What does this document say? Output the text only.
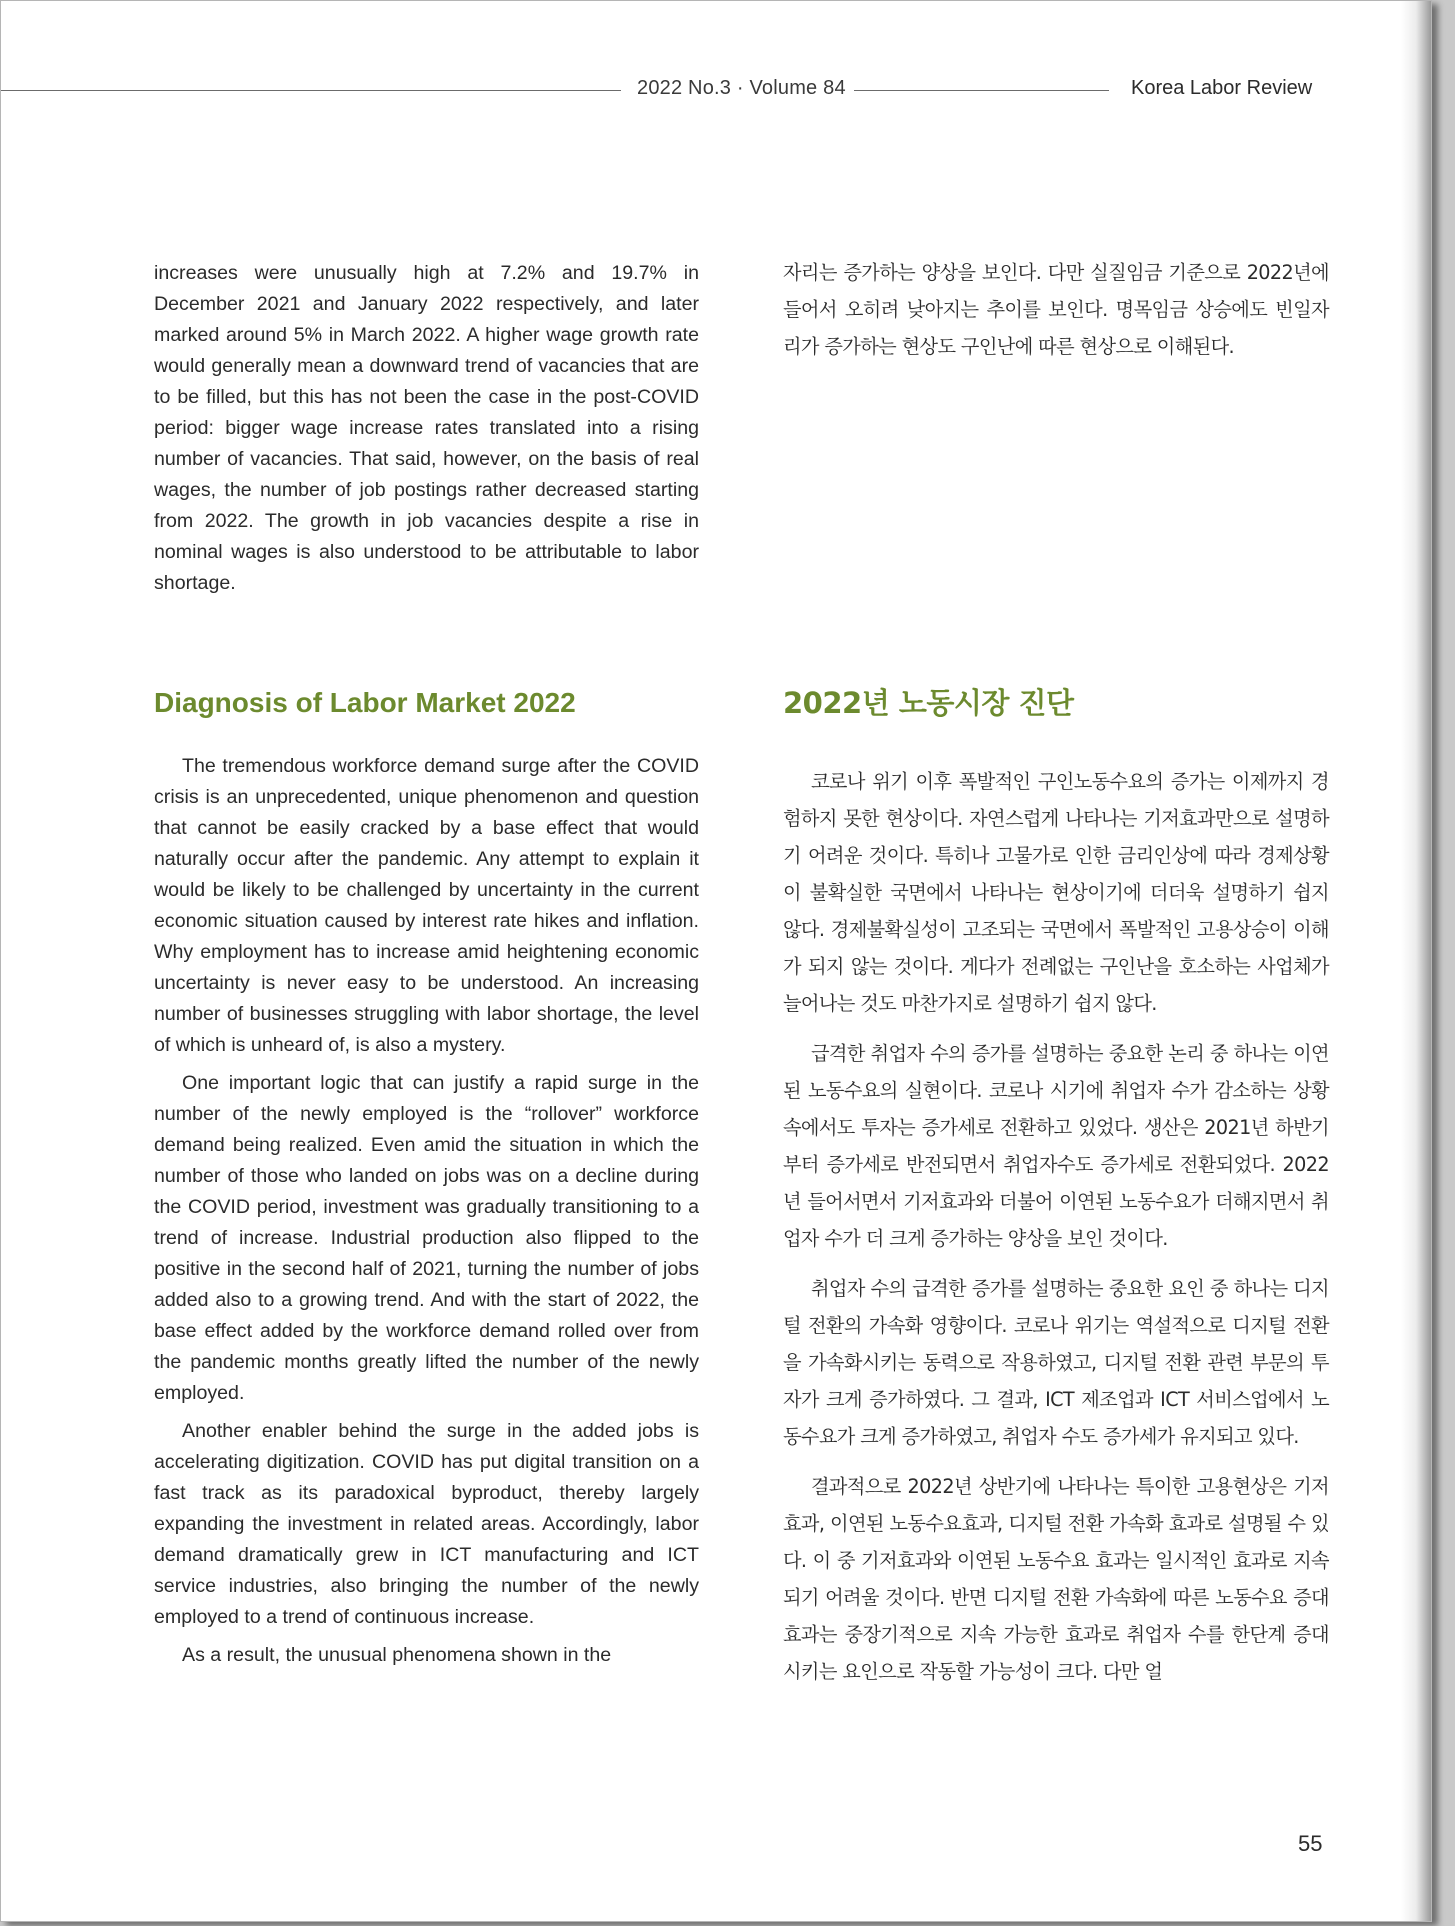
2022 No.3 · Volume 84	Korea Labor Review

increases were unusually high at 7.2% and 19.7% in December 2021 and January 2022 respectively, and later marked around 5% in March 2022. A higher wage growth rate would generally mean a downward trend of vacancies that are to be filled, but this has not been the case in the post-COVID period: bigger wage increase rates translated into a rising number of vacancies. That said, however, on the basis of real wages, the number of job postings rather decreased starting from 2022. The growth in job vacancies despite a rise in nominal wages is also understood to be attributable to labor shortage.

자리는 증가하는 양상을 보인다. 다만 실질임금 기준으로 2022년에 들어서 오히려 낮아지는 추이를 보인다. 명목임금 상승에도 빈일자리가 증가하는 현상도 구인난에 따른 현상으로 이해된다.

Diagnosis of Labor Market 2022	2022년 노동시장 진단

The tremendous workforce demand surge after the COVID crisis is an unprecedented, unique phenomenon and question that cannot be easily cracked by a base effect that would naturally occur after the pandemic. Any attempt to explain it would be likely to be challenged by uncertainty in the current economic situation caused by interest rate hikes and inflation. Why employment has to increase amid heightening economic uncertainty is never easy to be understood. An increasing number of businesses struggling with labor shortage, the level of which is unheard of, is also a mystery.

One important logic that can justify a rapid surge in the number of the newly employed is the “rollover” workforce demand being realized. Even amid the situation in which the number of those who landed on jobs was on a decline during the COVID period, investment was gradually transitioning to a trend of increase. Industrial production also flipped to the positive in the second half of 2021, turning the number of jobs added also to a growing trend. And with the start of 2022, the base effect added by the workforce demand rolled over from the pandemic months greatly lifted the number of the newly employed.

Another enabler behind the surge in the added jobs is accelerating digitization. COVID has put digital transition on a fast track as its paradoxical byproduct, thereby largely expanding the investment in related areas. Accordingly, labor demand dramatically grew in ICT manufacturing and ICT service industries, also bringing the number of the newly employed to a trend of continuous increase.

As a result, the unusual phenomena shown in the

코로나 위기 이후 폭발적인 구인노동수요의 증가는 이제까지 경험하지 못한 현상이다. 자연스럽게 나타나는 기저효과만으로 설명하기 어려운 것이다. 특히나 고물가로 인한 금리인상에 따라 경제상황이 불확실한 국면에서 나타나는 현상이기에 더더욱 설명하기 쉽지 않다. 경제불확실성이 고조되는 국면에서 폭발적인 고용상승이 이해가 되지 않는 것이다. 게다가 전례없는 구인난을 호소하는 사업체가 늘어나는 것도 마찬가지로 설명하기 쉽지 않다.

급격한 취업자 수의 증가를 설명하는 중요한 논리 중 하나는 이연된 노동수요의 실현이다. 코로나 시기에 취업자 수가 감소하는 상황속에서도 투자는 증가세로 전환하고 있었다. 생산은 2021년 하반기부터 증가세로 반전되면서 취업자수도 증가세로 전환되었다. 2022년 들어서면서 기저효과와 더불어 이연된 노동수요가 더해지면서 취업자 수가 더 크게 증가하는 양상을 보인 것이다.

취업자 수의 급격한 증가를 설명하는 중요한 요인 중 하나는 디지털 전환의 가속화 영향이다. 코로나 위기는 역설적으로 디지털 전환을 가속화시키는 동력으로 작용하였고, 디지털 전환 관련 부문의 투자가 크게 증가하였다. 그 결과, ICT 제조업과 ICT 서비스업에서 노동수요가 크게 증가하였고, 취업자 수도 증가세가 유지되고 있다.

결과적으로 2022년 상반기에 나타나는 특이한 고용현상은 기저효과, 이연된 노동수요효과, 디지털 전환 가속화 효과로 설명될 수 있다. 이 중 기저효과와 이연된 노동수요 효과는 일시적인 효과로 지속되기 어려울 것이다. 반면 디지털 전환 가속화에 따른 노동수요 증대효과는 중장기적으로 지속 가능한 효과로 취업자 수를 한단계 증대시키는 요인으로 작동할 가능성이 크다. 다만 얼

55
